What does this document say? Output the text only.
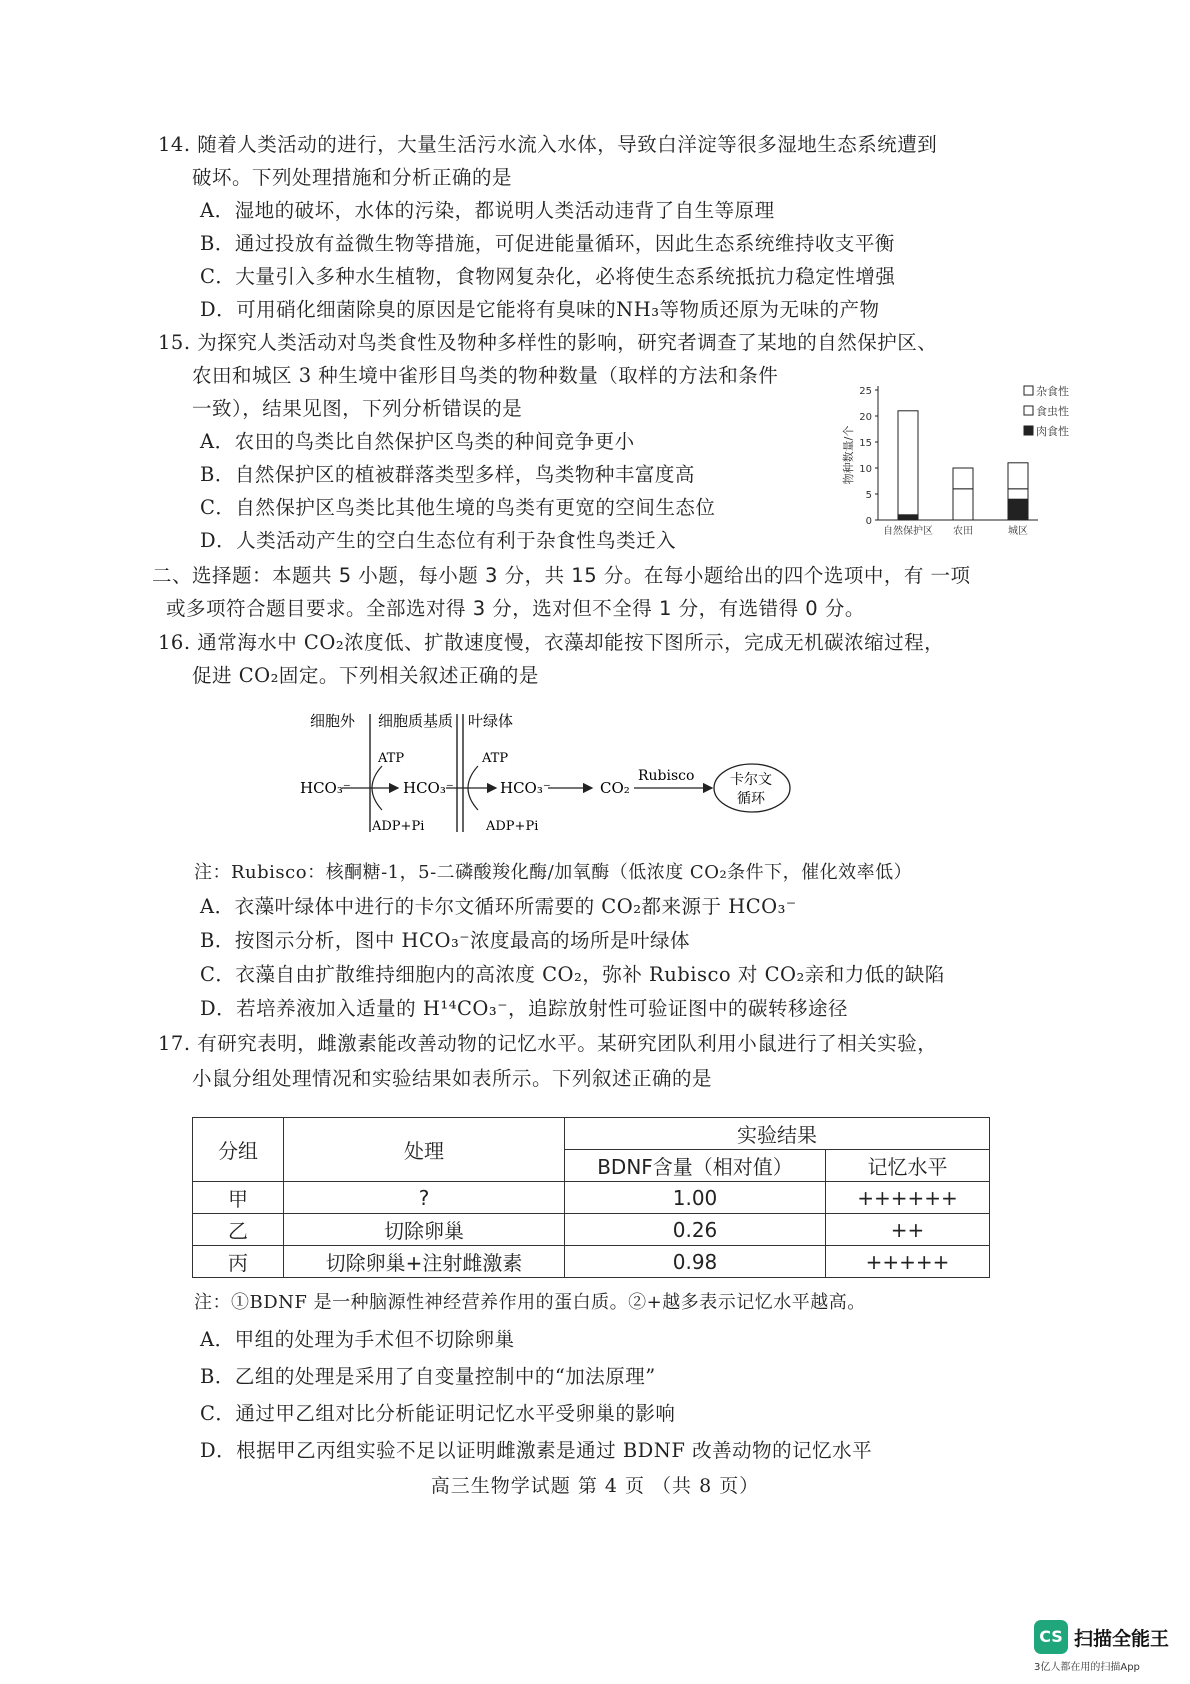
14. 随着人类活动的进行，大量生活污水流入水体，导致白洋淀等很多湿地生态系统遭到
破坏。下列处理措施和分析正确的是
A．湿地的破坏，水体的污染，都说明人类活动违背了自生等原理
B．通过投放有益微生物等措施，可促进能量循环，因此生态系统维持收支平衡
C．大量引入多种水生植物，食物网复杂化，必将使生态系统抵抗力稳定性增强
D．可用硝化细菌除臭的原因是它能将有臭味的NH₃等物质还原为无味的产物
15. 为探究人类活动对鸟类食性及物种多样性的影响，研究者调查了某地的自然保护区、
农田和城区 3 种生境中雀形目鸟类的物种数量（取样的方法和条件
一致），结果见图，下列分析错误的是
A．农田的鸟类比自然保护区鸟类的种间竞争更小
B．自然保护区的植被群落类型多样，鸟类物种丰富度高
C．自然保护区鸟类比其他生境的鸟类有更宽的空间生态位
D．人类活动产生的空白生态位有利于杂食性鸟类迁入
0
5
10
15
20
25
物种数量/个
自然保护区 农田	城区
杂食性
食虫性
肉食性
二、选择题：本题共 5 小题，每小题 3 分，共 15 分。在每小题给出的四个选项中，有 一项
或多项符合题目要求。全部选对得 3 分，选对但不全得 1 分，有选错得 0 分。
16. 通常海水中 CO₂浓度低、扩散速度慢，衣藻却能按下图所示，完成无机碳浓缩过程，
促进 CO₂固定。下列相关叙述正确的是
细胞外 细胞质基质 叶绿体
HCO₃⁻
ATP
ADP+Pi
HCO₃⁻
ATP
ADP+Pi
HCO₃⁻	CO₂
Rubisco	卡尔文
循环
注：Rubisco：核酮糖-1，5-二磷酸羧化酶/加氧酶（低浓度 CO₂条件下，催化效率低）
A．衣藻叶绿体中进行的卡尔文循环所需要的 CO₂都来源于 HCO₃⁻
B．按图示分析，图中 HCO₃⁻浓度最高的场所是叶绿体
C．衣藻自由扩散维持细胞内的高浓度 CO₂，弥补 Rubisco 对 CO₂亲和力低的缺陷
D．若培养液加入适量的 H¹⁴CO₃⁻，追踪放射性可验证图中的碳转移途径
17. 有研究表明，雌激素能改善动物的记忆水平。某研究团队利用小鼠进行了相关实验，
小鼠分组处理情况和实验结果如表所示。下列叙述正确的是
分组	处理	实验结果	
		BDNF含量（相对值）	记忆水平
甲	?	1.00	++++++
乙	切除卵巢	0.26	++
丙	切除卵巢+注射雌激素	0.98	+++++
注：①BDNF 是一种脑源性神经营养作用的蛋白质。②+越多表示记忆水平越高。
A．甲组的处理为手术但不切除卵巢
B．乙组的处理是采用了自变量控制中的“加法原理”
C．通过甲乙组对比分析能证明记忆水平受卵巢的影响
D．根据甲乙丙组实验不足以证明雌激素是通过 BDNF 改善动物的记忆水平
高三生物学试题 第 4 页 （共 8 页）
CS 扫描全能王
3亿人都在用的扫描App
